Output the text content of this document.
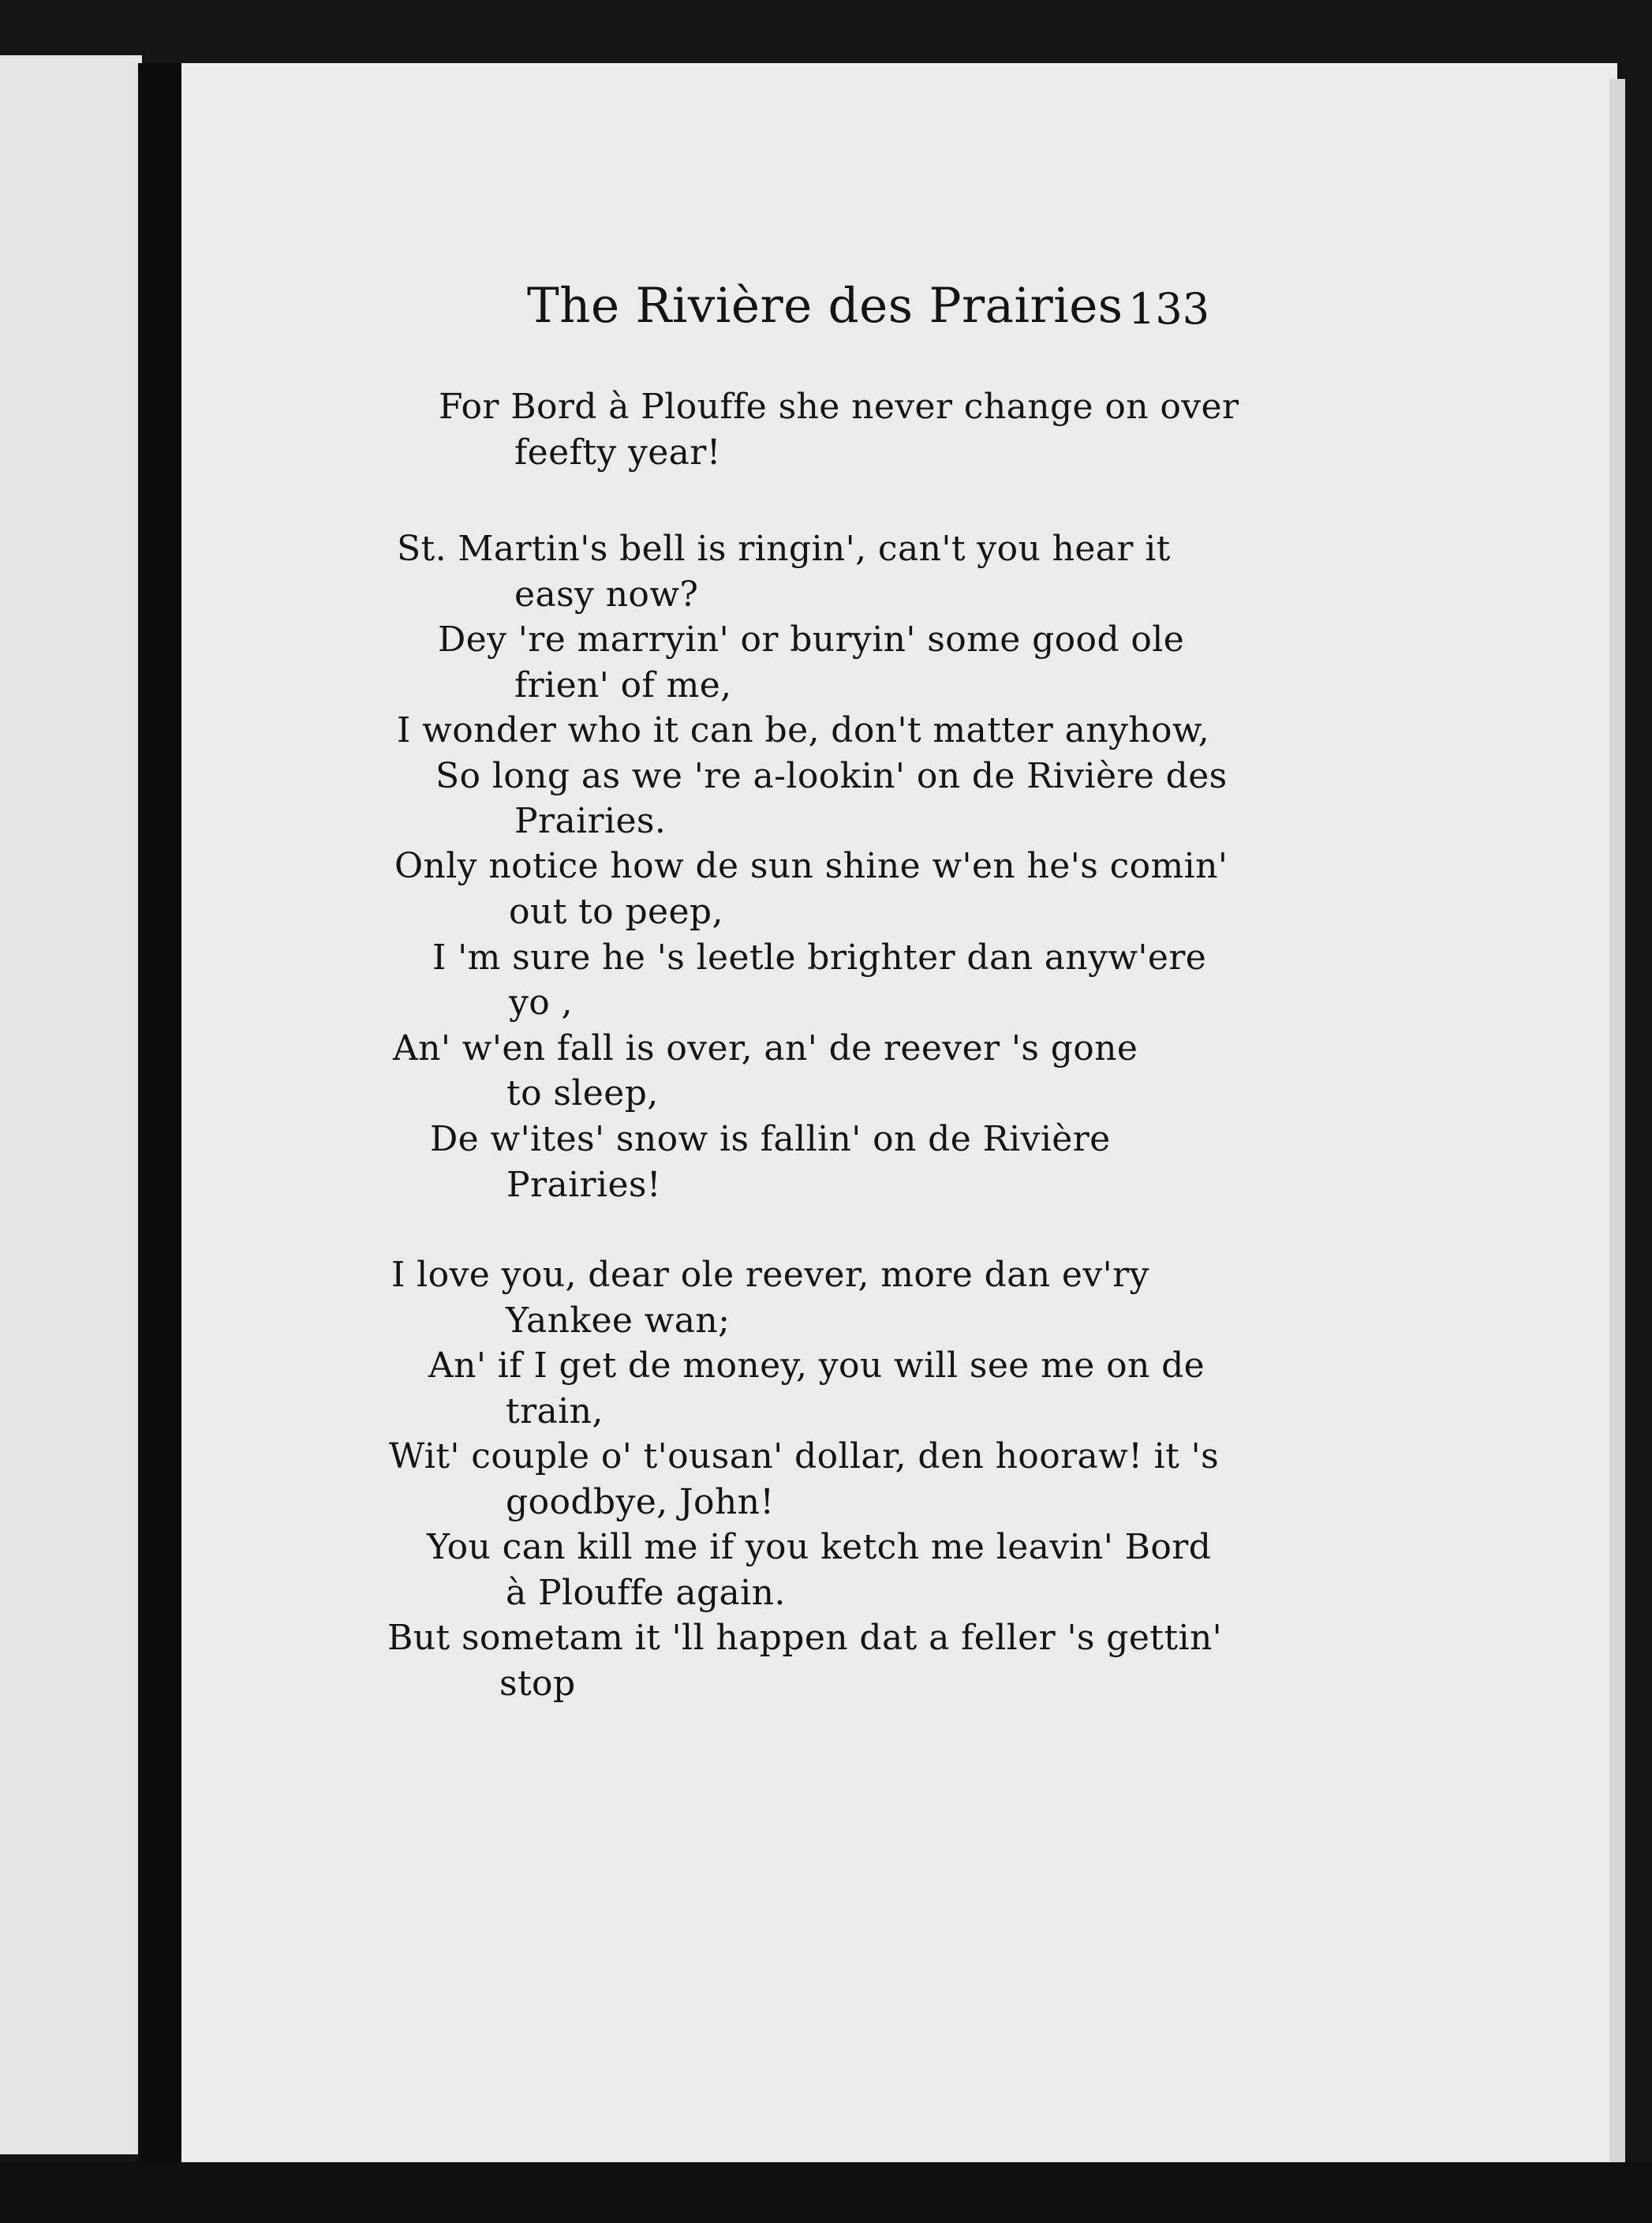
The Rivière des Prairies 133
For Bord à Plouffe she never change on over
feefty year!
St. Martin's bell is ringin', can't you hear it
easy now?
Dey 're marryin' or buryin' some good ole
frien' of me,
I wonder who it can be, don't matter anyhow,
So long as we 're a-lookin' on de Rivière des
Prairies.
Only notice how de sun shine w'en he's comin'
out to peep,
I 'm sure he 's leetle brighter dan anyw'ere
yo ,
An' w'en fall is over, an' de reever 's gone
to sleep,
De w'ites' snow is fallin' on de Rivière
Prairies!
I love you, dear ole reever, more dan ev'ry
Yankee wan;
An' if I get de money, you will see me on de
train,
Wit' couple o' t'ousan' dollar, den hooraw! it 's
goodbye, John!
You can kill me if you ketch me leavin' Bord
à Plouffe again.
But sometam it 'll happen dat a feller 's gettin'
stop
